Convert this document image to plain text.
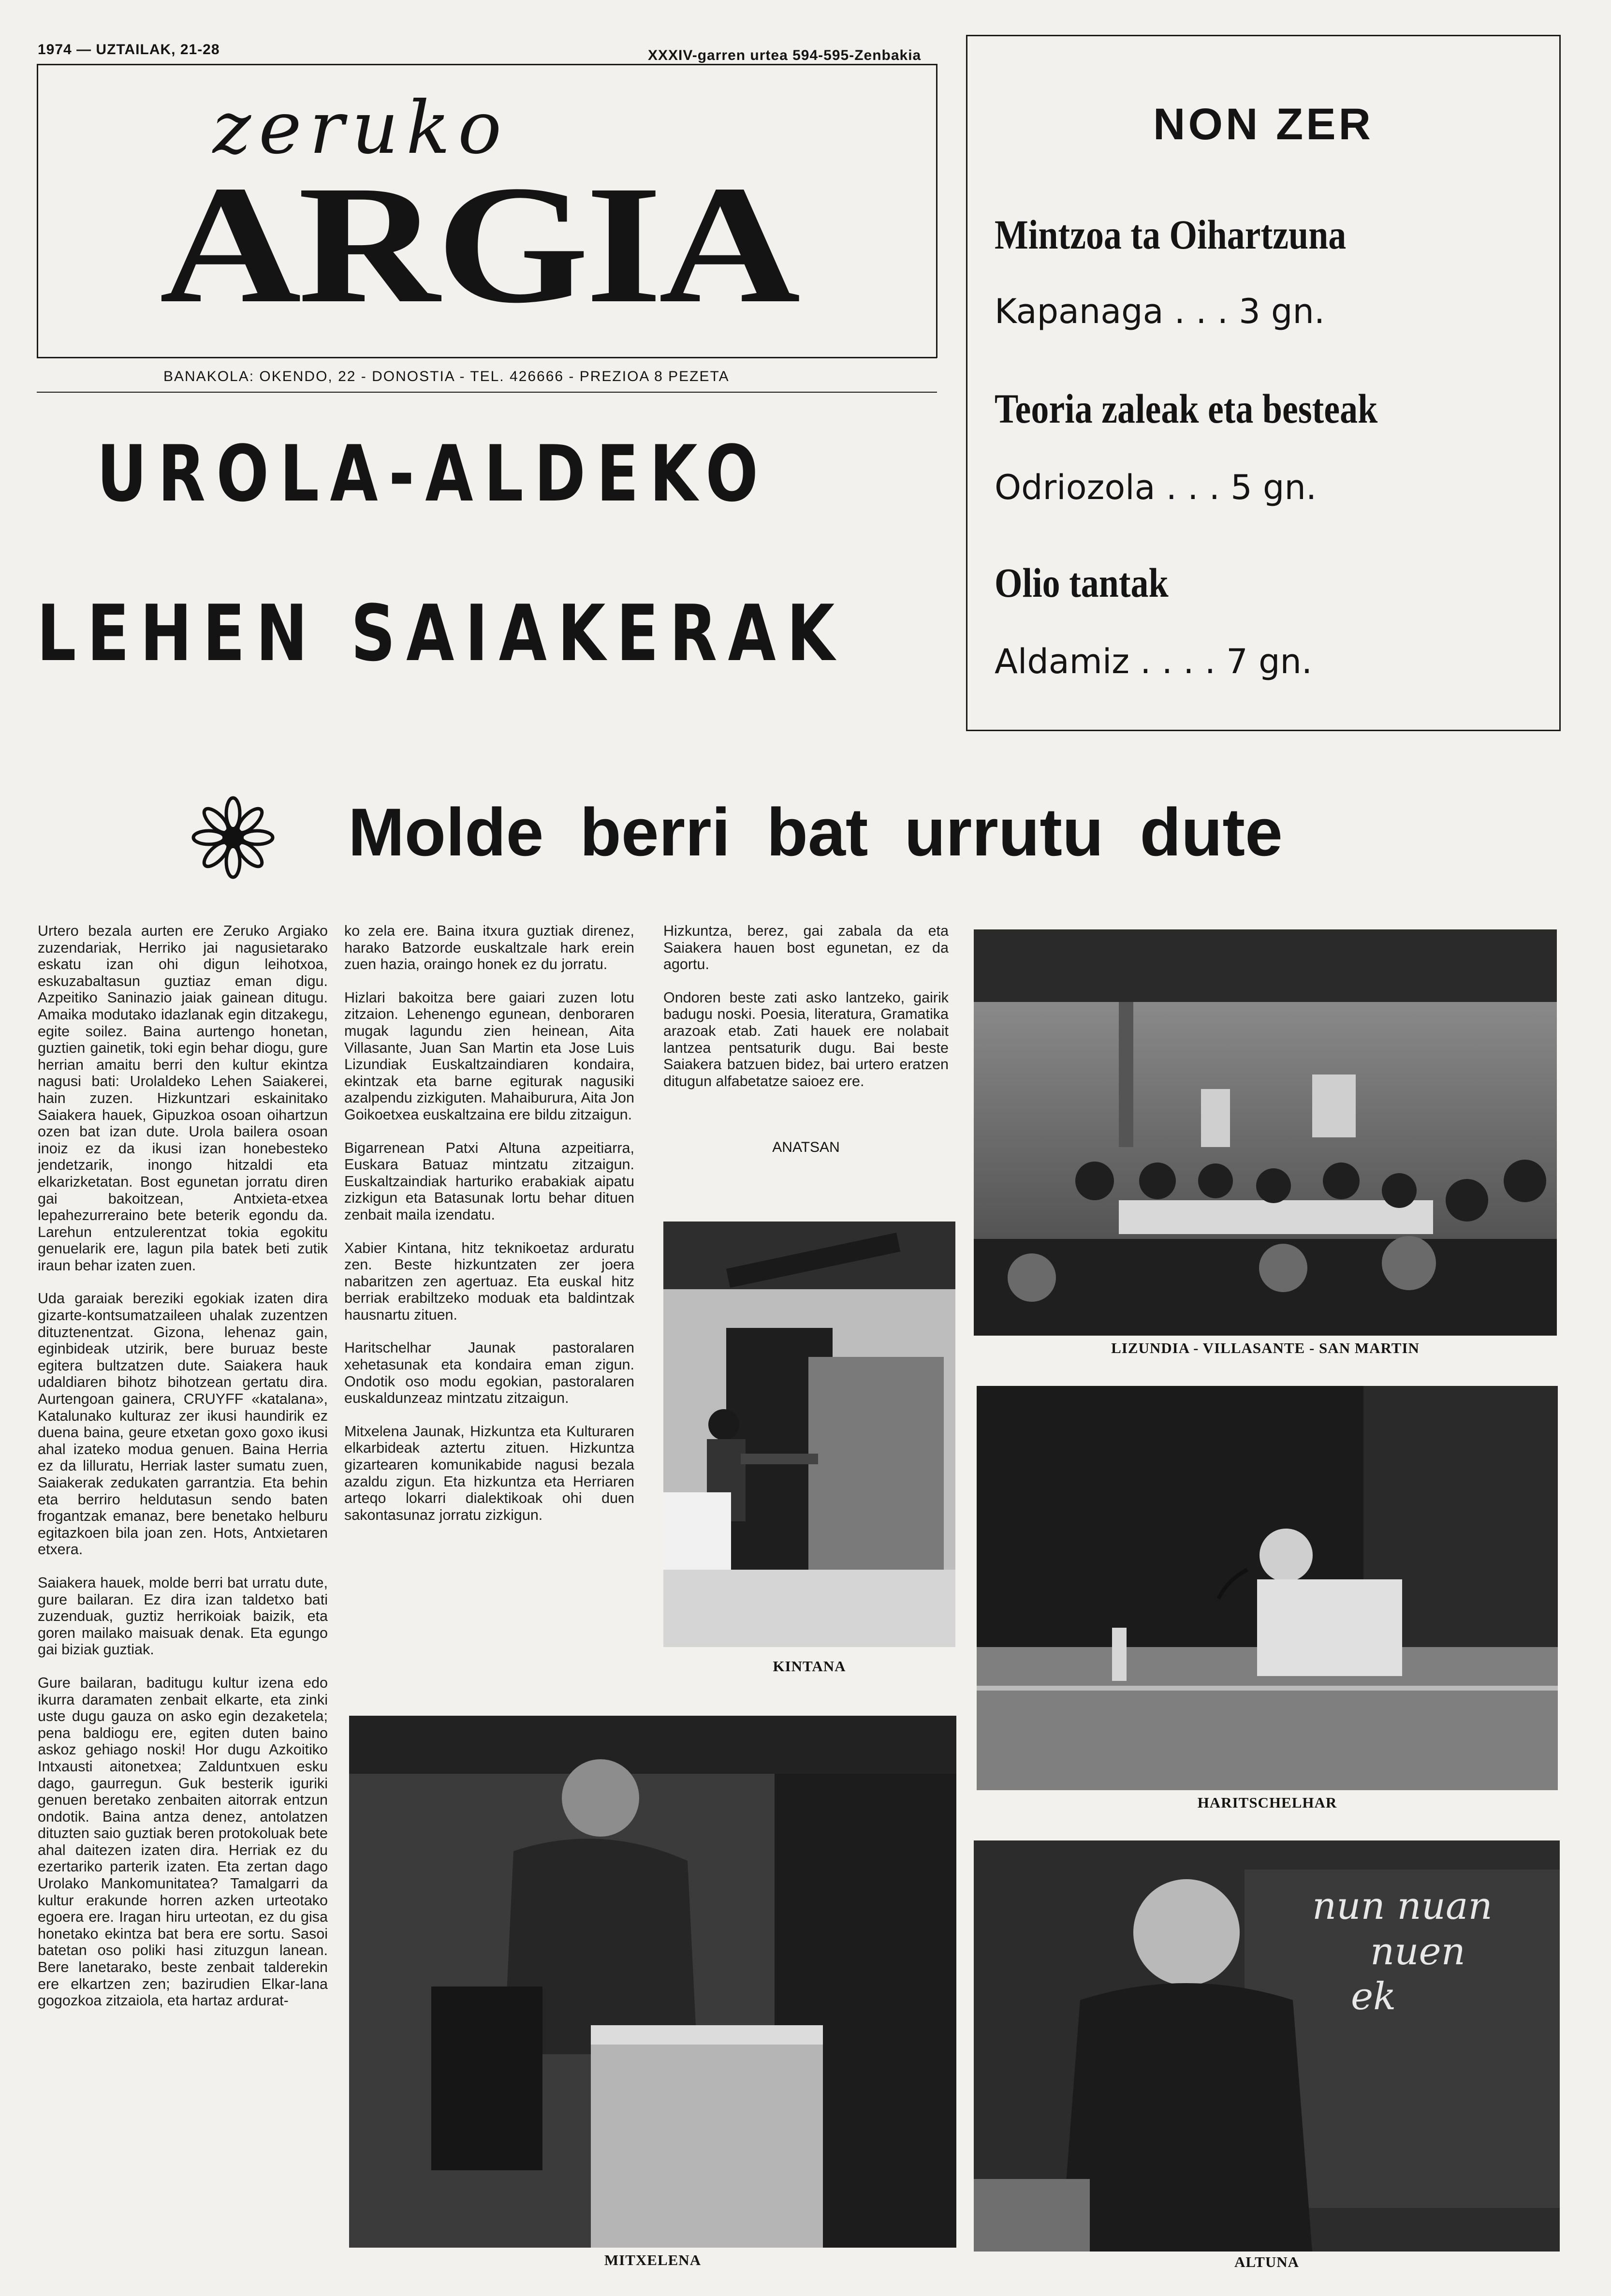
1974 — UZTAILAK, 21-28	XXXIV-garren urtea 594-595-Zenbakia
zeruko
ARGIA
BANAKOLA: OKENDO, 22 - DONOSTIA - TEL. 426666 - PREZIOA 8 PEZETA
UROLA-ALDEKO
LEHEN SAIAKERAK
NON ZER
Mintzoa ta Oihartzuna
Kapanaga . . . 3 gn.
Teoria zaleak eta besteak
Odriozola . . . 5 gn.
Olio tantak
Aldamiz . . . . 7 gn.
Molde berri bat urrutu dute

Urtero bezala aurten ere Zeruko Argiako zuzendariak, Herriko jai nagusietarako eskatu izan ohi digun leihotxoa, eskuzabaltasun guztiaz eman digu. Azpeitiko Saninazio jaiak gainean ditugu. Amaika modutako idazlanak egin ditzakegu, egite soilez. Baina aurtengo honetan, guztien gainetik, toki egin behar diogu, gure herrian amaitu berri den kultur ekintza nagusi bati: Urolaldeko Lehen Saiakerei, hain zuzen. Hizkuntzari eskainitako Saiakera hauek, Gipuzkoa osoan oihartzun ozen bat izan dute. Urola bailera osoan inoiz ez da ikusi izan honebesteko jendetzarik, inongo hitzaldi eta elkarizketatan. Bost egunetan jorratu diren gai bakoitzean, Antxieta-etxea lepahezurreraino bete beterik egondu da. Larehun entzulerentzat tokia egokitu genuelarik ere, lagun pila batek beti zutik iraun behar izaten zuen.

Uda garaiak bereziki egokiak izaten dira gizarte-kontsumatzaileen uhalak zuzentzen dituztenentzat. Gizona, lehenaz gain, eginbideak utzirik, bere buruaz beste egitera bultzatzen dute. Saiakera hauk udaldiaren bihotz bihotzean gertatu dira. Aurtengoan gainera, CRUYFF «katalana», Katalunako kulturaz zer ikusi haundirik ez duena baina, geure etxetan goxo goxo ikusi ahal izateko modua genuen. Baina Herria ez da lilluratu, Herriak laster sumatu zuen, Saiakerak zedukaten garrantzia. Eta behin eta berriro heldutasun sendo baten frogantzak emanaz, bere benetako helburu egitazkoen bila joan zen. Hots, Antxietaren etxera.

Saiakera hauek, molde berri bat urratu dute, gure bailaran. Ez dira izan taldetxo bati zuzenduak, guztiz herrikoiak baizik, eta goren mailako maisuak denak. Eta egungo gai biziak guztiak.

Gure bailaran, baditugu kultur izena edo ikurra daramaten zenbait elkarte, eta zinki uste dugu gauza on asko egin dezaketela; pena baldiogu ere, egiten duten baino askoz gehiago noski! Hor dugu Azkoitiko Intxausti aitonetxea; Zalduntxuen esku dago, gaurregun. Guk besterik iguriki genuen beretako zenbaiten aitorrak entzun ondotik. Baina antza denez, antolatzen dituzten saio guztiak beren protokoluak bete ahal daitezen izaten dira. Herriak ez du ezertariko parterik izaten. Eta zertan dago Urolako Mankomunitatea? Tamalgarri da kultur erakunde horren azken urteotako egoera ere. Iragan hiru urteotan, ez du gisa honetako ekintza bat bera ere sortu. Sasoi batetan oso poliki hasi zituzgun lanean. Bere lanetarako, beste zenbait talderekin ere elkartzen zen; bazirudien Elkar-lana gogozkoa zitzaiola, eta hartaz ardurat-

ko zela ere. Baina itxura guztiak direnez, harako Batzorde euskaltzale hark erein zuen hazia, oraingo honek ez du jorratu.

Hizlari bakoitza bere gaiari zuzen lotu zitzaion. Lehenengo egunean, denboraren mugak lagundu zien heinean, Aita Villasante, Juan San Martin eta Jose Luis Lizundiak Euskaltzaindiaren kondaira, ekintzak eta barne egiturak nagusiki azalpendu zizkiguten. Mahaiburura, Aita Jon Goikoetxea euskaltzaina ere bildu zitzaigun.

Bigarrenean Patxi Altuna azpeitiarra, Euskara Batuaz mintzatu zitzaigun. Euskaltzaindiak harturiko erabakiak aipatu zizkigun eta Batasunak lortu behar dituen zenbait maila izendatu.

Xabier Kintana, hitz teknikoetaz arduratu zen. Beste hizkuntzaten zer joera nabaritzen zen agertuaz. Eta euskal hitz berriak erabiltzeko moduak eta baldintzak hausnartu zituen.

Haritschelhar Jaunak pastoralaren xehetasunak eta kondaira eman zigun. Ondotik oso modu egokian, pastoralaren euskaldunzeaz mintzatu zitzaigun.

Mitxelena Jaunak, Hizkuntza eta Kulturaren elkarbideak aztertu zituen. Hizkuntza gizartearen komunikabide nagusi bezala azaldu zigun. Eta hizkuntza eta Herriaren arteqo lokarri dialektikoak ohi duen sakontasunaz jorratu zizkigun.

Hizkuntza, berez, gai zabala da eta Saiakera hauen bost egunetan, ez da agortu.

Ondoren beste zati asko lantzeko, gairik badugu noski. Poesia, literatura, Gramatika arazoak etab. Zati hauek ere nolabait lantzea pentsaturik dugu. Bai beste Saiakera batzuen bidez, bai urtero eratzen ditugun alfabetatze saioez ere.

ANATSAN
LIZUNDIA - VILLASANTE - SAN MARTIN
KINTANA
HARITSCHELHAR
MITXELENA
nun nuan
nuen
ek
ALTUNA
